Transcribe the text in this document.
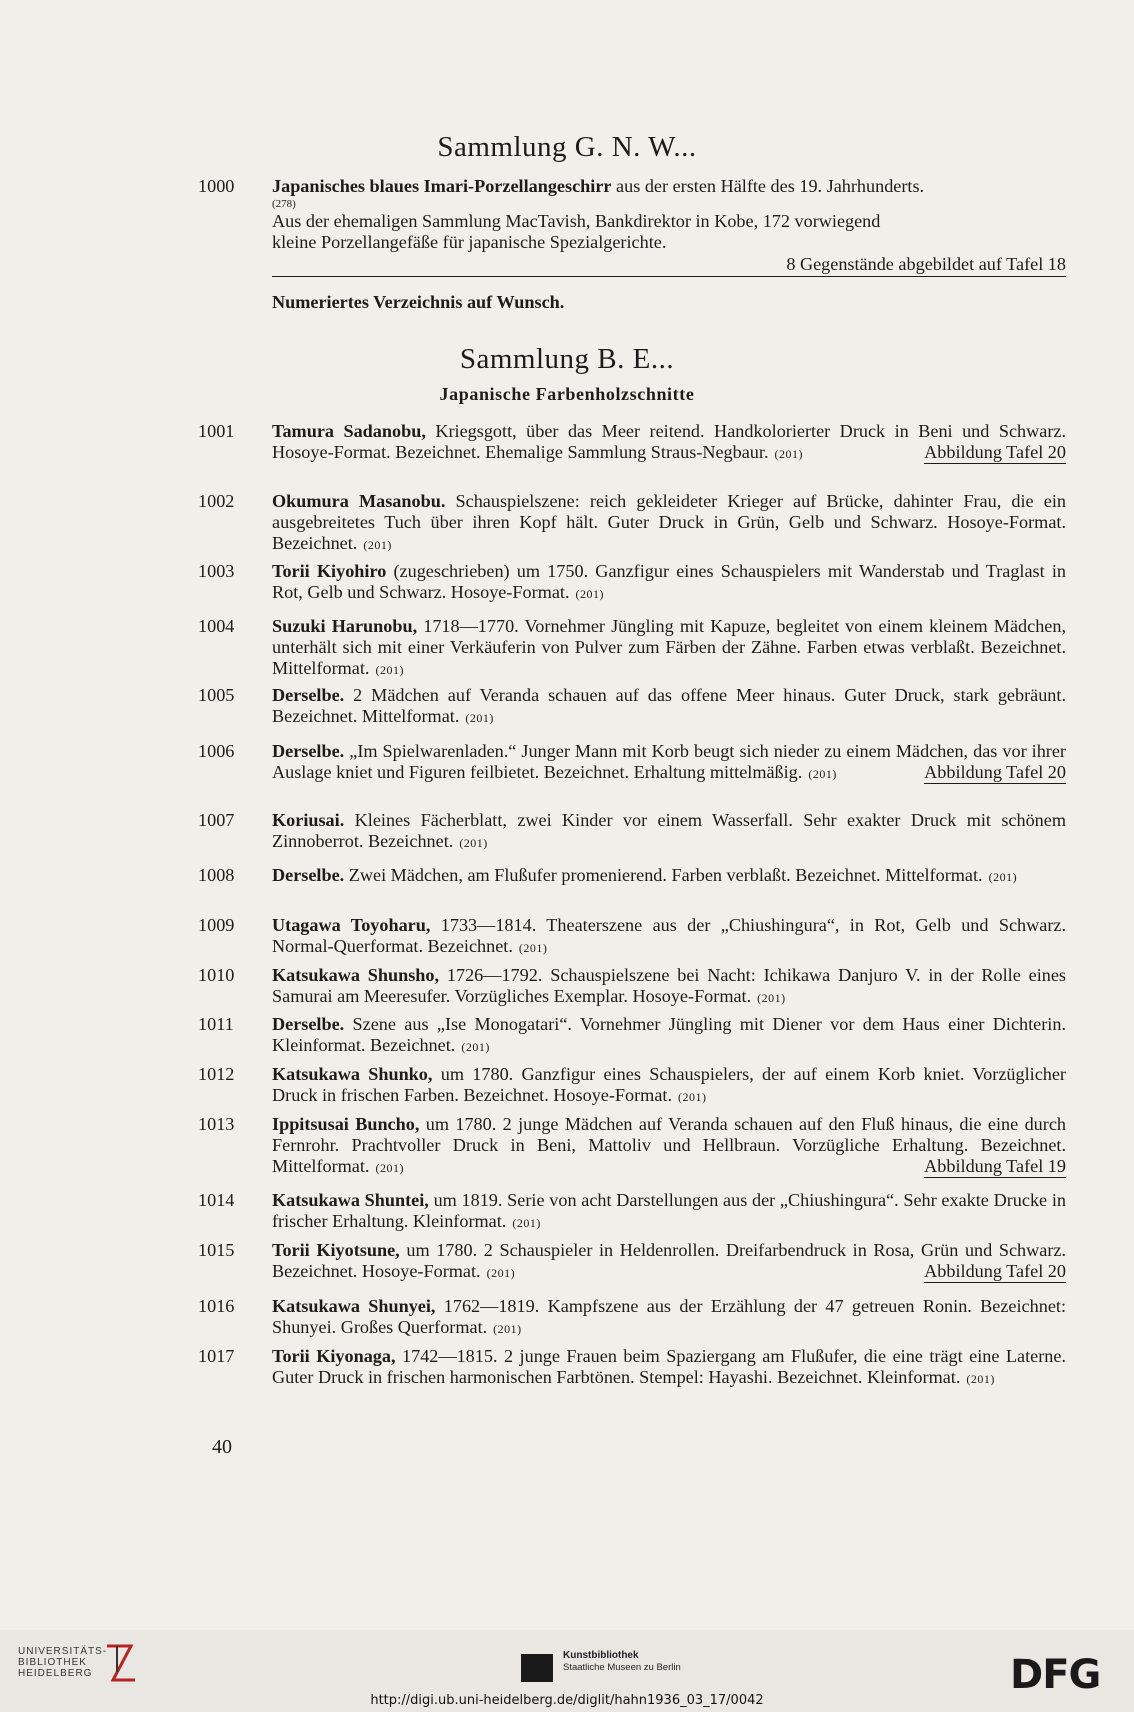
Sammlung G. N. W...
1000	Japanisches blaues Imari-Porzellangeschirr aus der ersten Hälfte des 19. Jahrhunderts.
(278)
Aus der ehemaligen Sammlung MacTavish, Bankdirektor in Kobe, 172 vorwiegend
kleine Porzellangefäße für japanische Spezialgerichte.
8 Gegenstände abgebildet auf Tafel 18
Numeriertes Verzeichnis auf Wunsch.
Sammlung B. E...
Japanische Farbenholzschnitte
1001	Tamura Sadanobu, Kriegsgott, über das Meer reitend. Handkolorierter Druck in Beni und Schwarz. Hosoye-Format. Bezeichnet. Ehemalige Sammlung Straus-Negbaur. (201)	Abbildung Tafel 20
1002	Okumura Masanobu. Schauspielszene: reich gekleideter Krieger auf Brücke, dahinter Frau, die ein ausgebreitetes Tuch über ihren Kopf hält. Guter Druck in Grün, Gelb und Schwarz. Hosoye-Format. Bezeichnet. (201)
1003	Torii Kiyohiro (zugeschrieben) um 1750. Ganzfigur eines Schauspielers mit Wanderstab und Traglast in Rot, Gelb und Schwarz. Hosoye-Format. (201)
1004	Suzuki Harunobu, 1718—1770. Vornehmer Jüngling mit Kapuze, begleitet von einem kleinem Mädchen, unterhält sich mit einer Verkäuferin von Pulver zum Färben der Zähne. Farben etwas verblaßt. Bezeichnet. Mittelformat. (201)
1005	Derselbe. 2 Mädchen auf Veranda schauen auf das offene Meer hinaus. Guter Druck, stark gebräunt. Bezeichnet. Mittelformat. (201)
1006	Derselbe. „Im Spielwarenladen.“ Junger Mann mit Korb beugt sich nieder zu einem Mädchen, das vor ihrer Auslage kniet und Figuren feilbietet. Bezeichnet. Erhaltung mittelmäßig. (201)	Abbildung Tafel 20
1007	Koriusai. Kleines Fächerblatt, zwei Kinder vor einem Wasserfall. Sehr exakter Druck mit schönem Zinnoberrot. Bezeichnet. (201)
1008	Derselbe. Zwei Mädchen, am Flußufer promenierend. Farben verblaßt. Bezeichnet. Mittelformat. (201)
1009	Utagawa Toyoharu, 1733—1814. Theaterszene aus der „Chiushingura“, in Rot, Gelb und Schwarz. Normal-Querformat. Bezeichnet. (201)
1010	Katsukawa Shunsho, 1726—1792. Schauspielszene bei Nacht: Ichikawa Danjuro V. in der Rolle eines Samurai am Meeresufer. Vorzügliches Exemplar. Hosoye-Format. (201)
1011	Derselbe. Szene aus „Ise Monogatari“. Vornehmer Jüngling mit Diener vor dem Haus einer Dichterin. Kleinformat. Bezeichnet. (201)
1012	Katsukawa Shunko, um 1780. Ganzfigur eines Schauspielers, der auf einem Korb kniet. Vorzüglicher Druck in frischen Farben. Bezeichnet. Hosoye-Format. (201)
1013	Ippitsusai Buncho, um 1780. 2 junge Mädchen auf Veranda schauen auf den Fluß hinaus, die eine durch Fernrohr. Prachtvoller Druck in Beni, Mattoliv und Hellbraun. Vorzügliche Erhaltung. Bezeichnet. Mittelformat. (201)	Abbildung Tafel 19
1014	Katsukawa Shuntei, um 1819. Serie von acht Darstellungen aus der „Chiushingura“. Sehr exakte Drucke in frischer Erhaltung. Kleinformat. (201)
1015	Torii Kiyotsune, um 1780. 2 Schauspieler in Heldenrollen. Dreifarbendruck in Rosa, Grün und Schwarz. Bezeichnet. Hosoye-Format. (201)	Abbildung Tafel 20
1016	Katsukawa Shunyei, 1762—1819. Kampfszene aus der Erzählung der 47 getreuen Ronin. Bezeichnet: Shunyei. Großes Querformat. (201)
1017	Torii Kiyonaga, 1742—1815. 2 junge Frauen beim Spaziergang am Flußufer, die eine trägt eine Laterne. Guter Druck in frischen harmonischen Farbtönen. Stempel: Hayashi. Bezeichnet. Kleinformat. (201)
40
UNIVERSITÄTS-
BIBLIOTHEK
HEIDELBERG
Kunstbibliothek
Staatliche Museen zu Berlin	DFG
http://digi.ub.uni-heidelberg.de/diglit/hahn1936_03_17/0042
